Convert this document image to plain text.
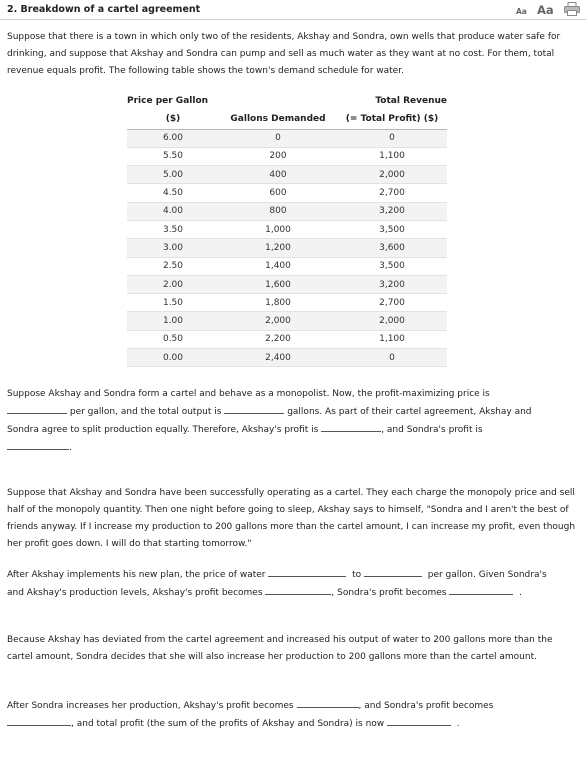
2. Breakdown of a cartel agreement	Aa Aa
Suppose that there is a town in which only two of the residents, Akshay and Sondra, own wells that produce water safe for drinking, and suppose that Akshay and Sondra can pump and sell as much water as they want at no cost. For them, total revenue equals profit. The following table shows the town's demand schedule for water.
Price per Gallon		Total Revenue
($)	Gallons Demanded	(= Total Profit) ($)
6.00	0	0
5.50	200	1,100
5.00	400	2,000
4.50	600	2,700
4.00	800	3,200
3.50	1,000	3,500
3.00	1,200	3,600
2.50	1,400	3,500
2.00	1,600	3,200
1.50	1,800	2,700
1.00	2,000	2,000
0.50	2,200	1,100
0.00	2,400	0
Suppose Akshay and Sondra form a cartel and behave as a monopolist. Now, the profit-maximizing price is
per gallon, and the total output is	gallons. As part of their cartel agreement, Akshay and
Sondra agree to split production equally. Therefore, Akshay's profit is	, and Sondra's profit is
.
Suppose that Akshay and Sondra have been successfully operating as a cartel. They each charge the monopoly price and sell half of the monopoly quantity. Then one night before going to sleep, Akshay says to himself, "Sondra and I aren't the best of friends anyway. If I increase my production to 200 gallons more than the cartel amount, I can increase my profit, even though her profit goes down. I will do that starting tomorrow."
After Akshay implements his new plan, the price of water	to	per gallon. Given Sondra's
and Akshay's production levels, Akshay's profit becomes	, Sondra's profit becomes	.
Because Akshay has deviated from the cartel agreement and increased his output of water to 200 gallons more than the cartel amount, Sondra decides that she will also increase her production to 200 gallons more than the cartel amount.
After Sondra increases her production, Akshay's profit becomes	, and Sondra's profit becomes
, and total profit (the sum of the profits of Akshay and Sondra) is now	.
